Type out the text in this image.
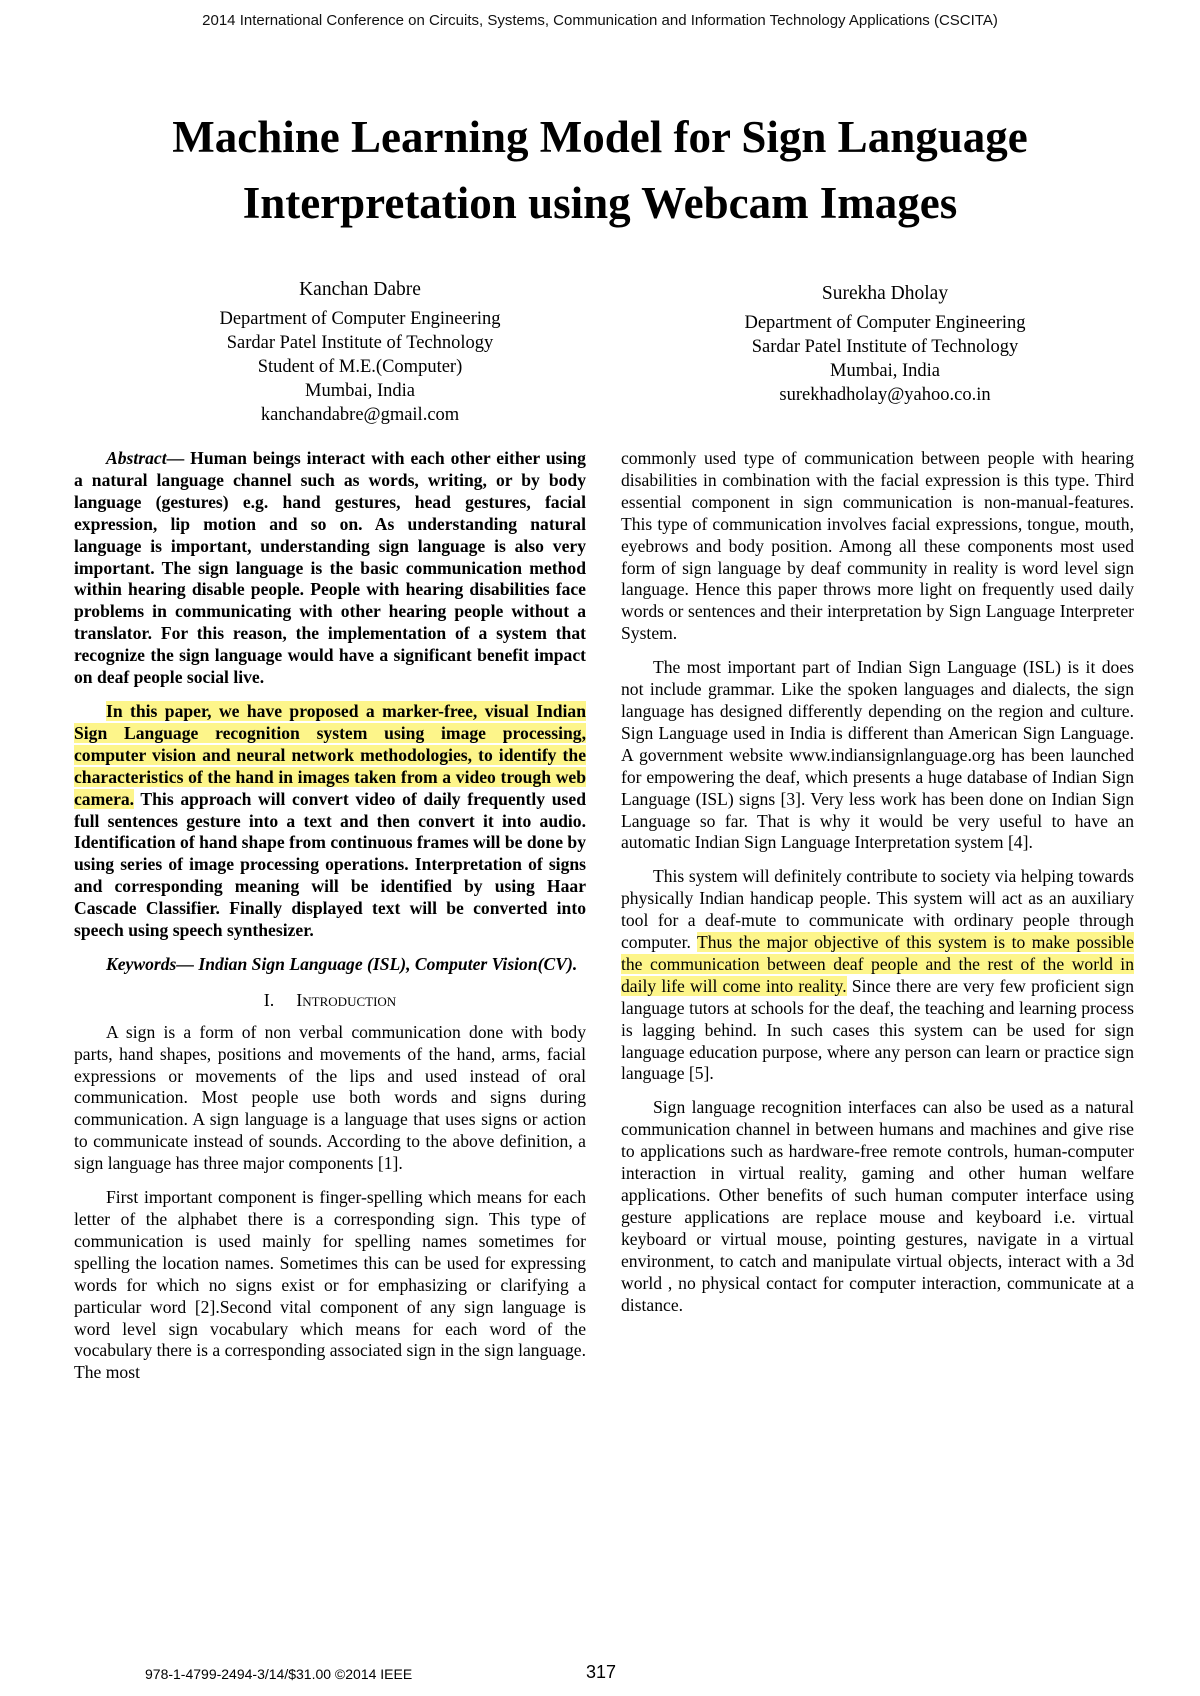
2014 International Conference on Circuits, Systems, Communication and Information Technology Applications (CSCITA)
Machine Learning Model for Sign Language
Interpretation using Webcam Images
Kanchan Dabre
Department of Computer Engineering
Sardar Patel Institute of Technology
Student of M.E.(Computer)
Mumbai, India
kanchandabre@gmail.com
Surekha Dholay
Department of Computer Engineering
Sardar Patel Institute of Technology
Mumbai, India
surekhadholay@yahoo.co.in

Abstract— Human beings interact with each other either using a natural language channel such as words, writing, or by body language (gestures) e.g. hand gestures, head gestures, facial expression, lip motion and so on. As understanding natural language is important, understanding sign language is also very important. The sign language is the basic communication method within hearing disable people. People with hearing disabilities face problems in communicating with other hearing people without a translator. For this reason, the implementation of a system that recognize the sign language would have a significant benefit impact on deaf people social live.

In this paper, we have proposed a marker-free, visual Indian Sign Language recognition system using image processing, computer vision and neural network methodologies, to identify the characteristics of the hand in images taken from a video trough web camera. This approach will convert video of daily frequently used full sentences gesture into a text and then convert it into audio. Identification of hand shape from continuous frames will be done by using series of image processing operations. Interpretation of signs and corresponding meaning will be identified by using Haar Cascade Classifier. Finally displayed text will be converted into speech using speech synthesizer.

Keywords— Indian Sign Language (ISL), Computer Vision(CV).

I. Introduction

A sign is a form of non verbal communication done with body parts, hand shapes, positions and movements of the hand, arms, facial expressions or movements of the lips and used instead of oral communication. Most people use both words and signs during communication. A sign language is a language that uses signs or action to communicate instead of sounds. According to the above definition, a sign language has three major components [1].

First important component is finger-spelling which means for each letter of the alphabet there is a corresponding sign. This type of communication is used mainly for spelling names sometimes for spelling the location names. Sometimes this can be used for expressing words for which no signs exist or for emphasizing or clarifying a particular word [2].Second vital component of any sign language is word level sign vocabulary which means for each word of the vocabulary there is a corresponding associated sign in the sign language. The most

commonly used type of communication between people with hearing disabilities in combination with the facial expression is this type. Third essential component in sign communication is non-manual-features. This type of communication involves facial expressions, tongue, mouth, eyebrows and body position. Among all these components most used form of sign language by deaf community in reality is word level sign language. Hence this paper throws more light on frequently used daily words or sentences and their interpretation by Sign Language Interpreter System.

The most important part of Indian Sign Language (ISL) is it does not include grammar. Like the spoken languages and dialects, the sign language has designed differently depending on the region and culture. Sign Language used in India is different than American Sign Language. A government website www.indiansignlanguage.org has been launched for empowering the deaf, which presents a huge database of Indian Sign Language (ISL) signs [3]. Very less work has been done on Indian Sign Language so far. That is why it would be very useful to have an automatic Indian Sign Language Interpretation system [4].

This system will definitely contribute to society via helping towards physically Indian handicap people. This system will act as an auxiliary tool for a deaf-mute to communicate with ordinary people through computer. Thus the major objective of this system is to make possible the communication between deaf people and the rest of the world in daily life will come into reality. Since there are very few proficient sign language tutors at schools for the deaf, the teaching and learning process is lagging behind. In such cases this system can be used for sign language education purpose, where any person can learn or practice sign language [5].

Sign language recognition interfaces can also be used as a natural communication channel in between humans and machines and give rise to applications such as hardware-free remote controls, human-computer interaction in virtual reality, gaming and other human welfare applications. Other benefits of such human computer interface using gesture applications are replace mouse and keyboard i.e. virtual keyboard or virtual mouse, pointing gestures, navigate in a virtual environment, to catch and manipulate virtual objects, interact with a 3d world , no physical contact for computer interaction, communicate at a distance.

978-1-4799-2494-3/14/$31.00 ©2014 IEEE	317
